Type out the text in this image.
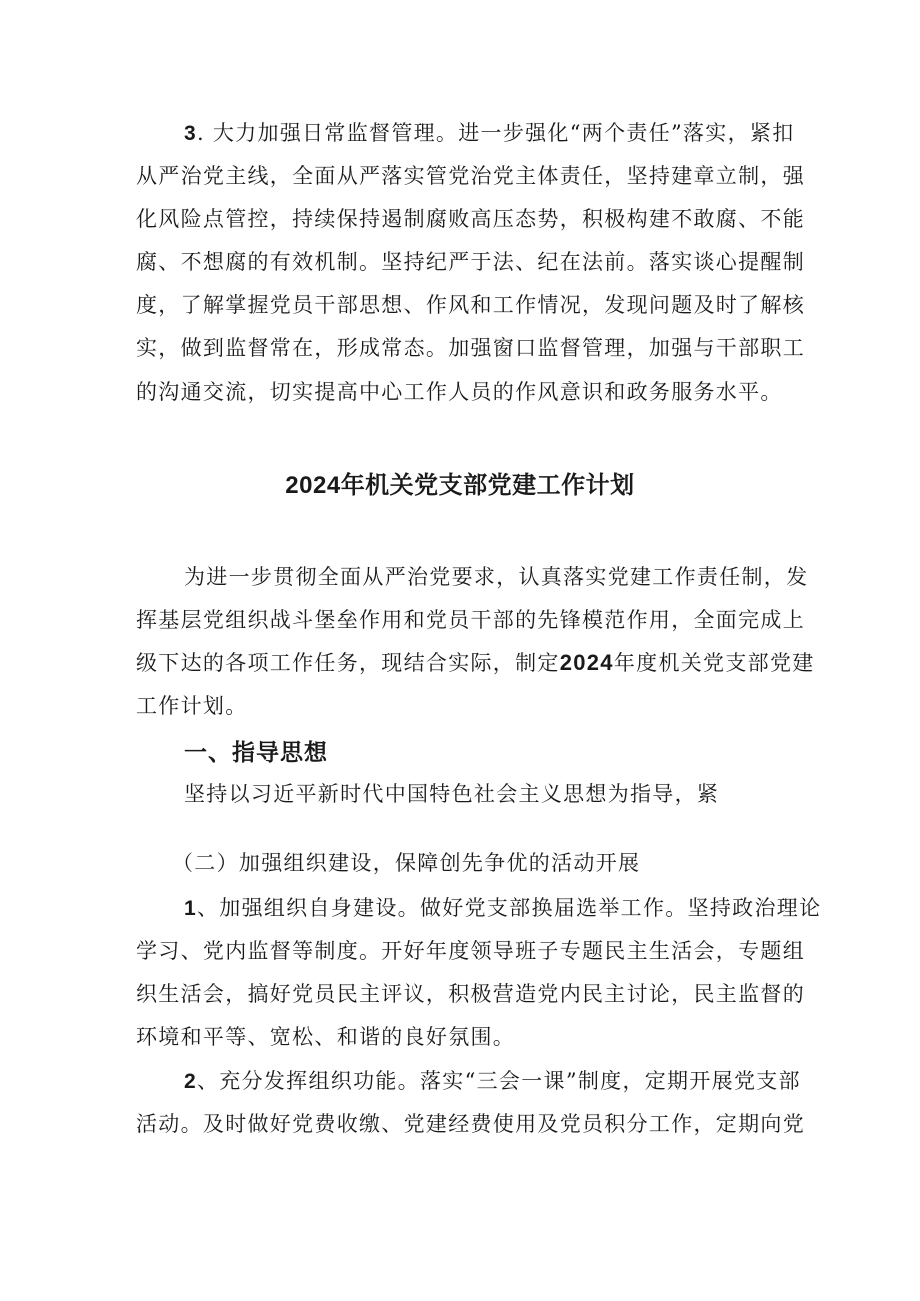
3. 大力加强日常监督管理。进一步强化“两个责任”落实，紧扣
从严治党主线，全面从严落实管党治党主体责任，坚持建章立制，强
化风险点管控，持续保持遏制腐败高压态势，积极构建不敢腐、不能
腐、不想腐的有效机制。坚持纪严于法、纪在法前。落实谈心提醒制
度，了解掌握党员干部思想、作风和工作情况，发现问题及时了解核
实，做到监督常在，形成常态。加强窗口监督管理，加强与干部职工
的沟通交流，切实提高中心工作人员的作风意识和政务服务水平。
2024年机关党支部党建工作计划
为进一步贯彻全面从严治党要求，认真落实党建工作责任制，发
挥基层党组织战斗堡垒作用和党员干部的先锋模范作用，全面完成上
级下达的各项工作任务，现结合实际，制定2024年度机关党支部党建
工作计划。
一、指导思想
坚持以习近平新时代中国特色社会主义思想为指导，紧
（二）加强组织建设，保障创先争优的活动开展
1、加强组织自身建设。做好党支部换届选举工作。坚持政治理论
学习、党内监督等制度。开好年度领导班子专题民主生活会，专题组
织生活会，搞好党员民主评议，积极营造党内民主讨论，民主监督的
环境和平等、宽松、和谐的良好氛围。
2、充分发挥组织功能。落实“三会一课”制度，定期开展党支部
活动。及时做好党费收缴、党建经费使用及党员积分工作，定期向党
